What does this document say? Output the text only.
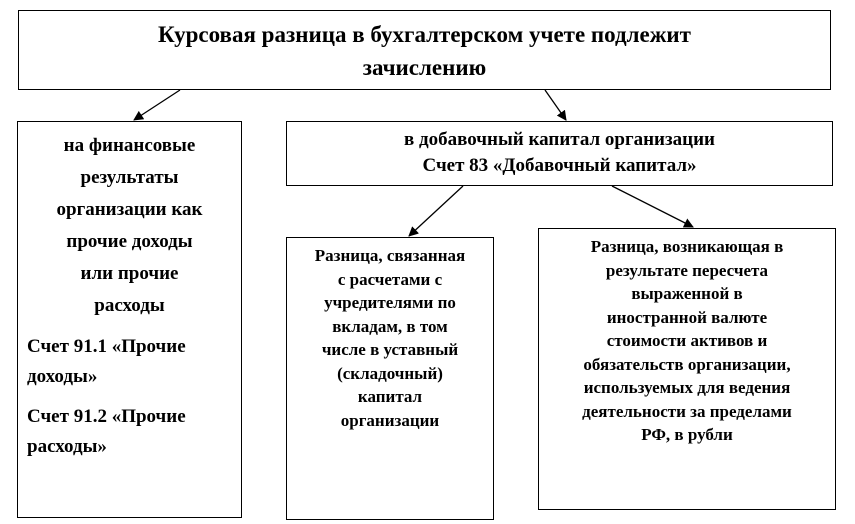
Курсовая разница в бухгалтерском учете подлежит
зачислению
на финансовые
результаты
организации как
прочие доходы
или прочие
расходы
Счет 91.1 «Прочие
доходы»
Счет 91.2 «Прочие
расходы»
в добавочный капитал организации
Счет 83 «Добавочный капитал»
Разница, связанная
с расчетами с
учредителями по
вкладам, в том
числе в уставный
(складочный)
капитал
организации
Разница, возникающая в
результате пересчета
выраженной в
иностранной валюте
стоимости активов и
обязательств организации,
используемых для ведения
деятельности за пределами
РФ, в рубли
